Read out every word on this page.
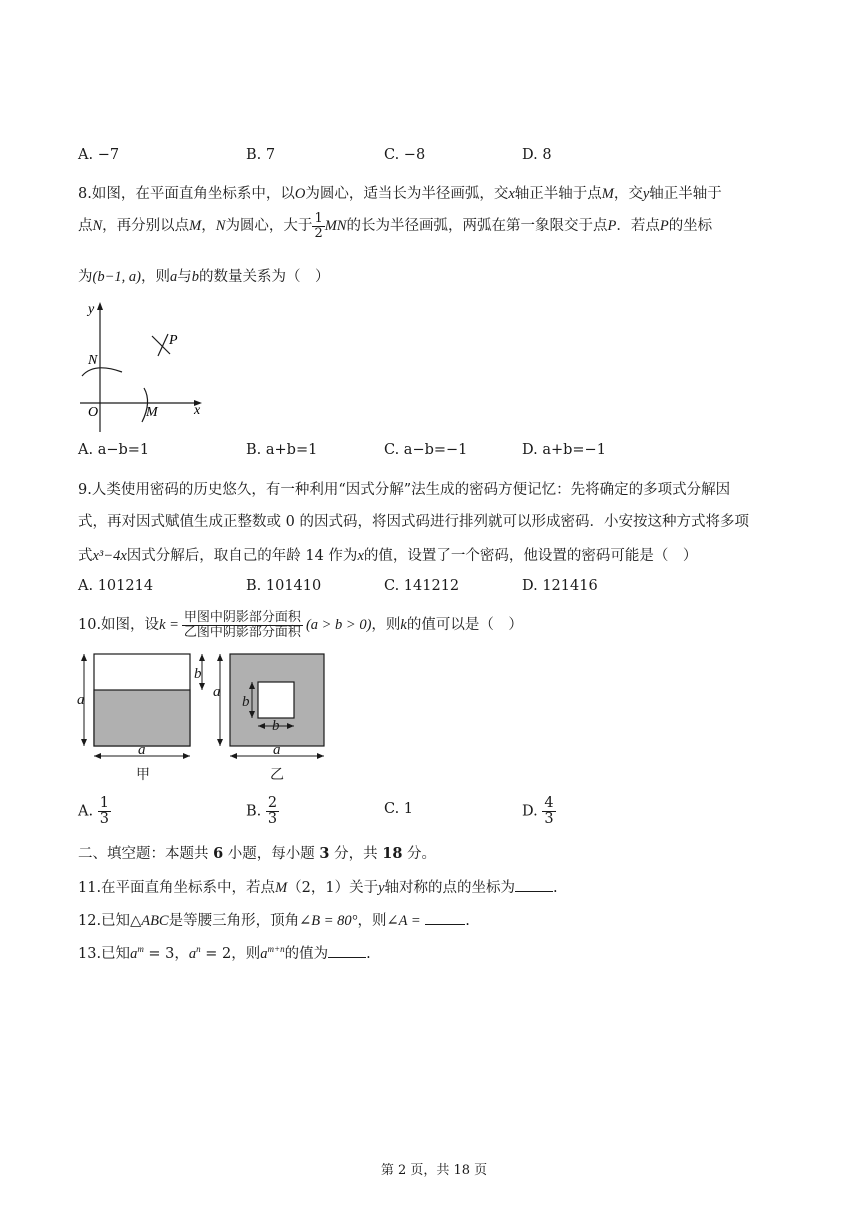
A. −7	B. 7	C. −8	D. 8
8.如图，在平面直角坐标系中，以O为圆心，适当长为半径画弧，交x轴正半轴于点M，交y轴正半轴于
点N，再分别以点M，N为圆心，大于 $\frac{1}{2}$ MN的长为半径画弧，两弧在第一象限交于点P．若点P的坐标
为(b−1, a)，则a与b的数量关系为（　）
y
x
O
N
M
P
A. a−b=1	B. a+b=1	C. a−b=−1	D. a+b=−1
9.人类使用密码的历史悠久，有一种利用“因式分解”法生成的密码方便记忆：先将确定的多项式分解因
式，再对因式赋值生成正整数或 0 的因式码，将因式码进行排列就可以形成密码．小安按这种方式将多项
式x³−4x因式分解后，取自己的年龄 14 作为x的值，设置了一个密码，他设置的密码可能是（　）
A. 101214	B. 101410	C. 141212	D. 121416
10.如图，设$k = \frac{\text{甲图中阴影部分面积}}{\text{乙图中阴影部分面积}} (a > b > 0)$，则k的值可以是（　）
a
b
a
甲
a
b
b
a
乙
A. $\frac{1}{3}$	B. $\frac{2}{3}$	C. 1	D. $\frac{4}{3}$
二、填空题：本题共 6 小题，每小题 3 分，共 18 分。
11.在平面直角坐标系中，若点M（2，1）关于y轴对称的点的坐标为	.
12.已知△ABC是等腰三角形，顶角∠B = 80°，则∠A =	.
13.已知$a^m = 3$，$a^n = 2$，则$a^{m+n}$的值为	.
第 2 页，共 18 页
